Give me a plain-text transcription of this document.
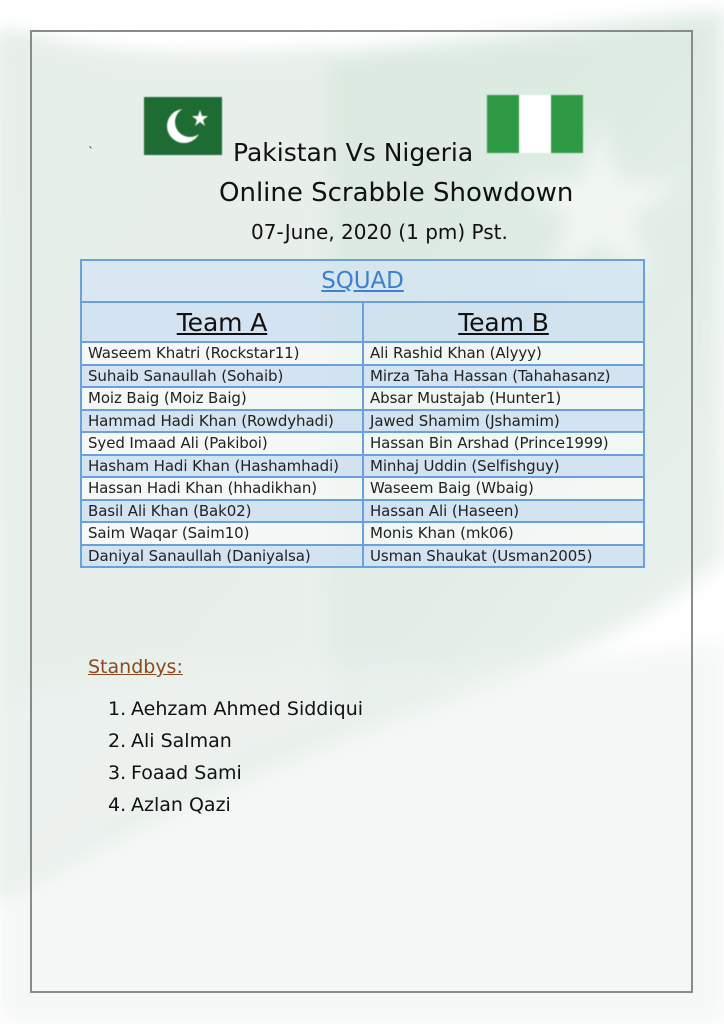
`	Pakistan Vs Nigeria
Online Scrabble Showdown
07-June, 2020 (1 pm) Pst.
SQUAD	
Team A	Team B
Waseem Khatri (Rockstar11)	Ali Rashid Khan (Alyyy)
Suhaib Sanaullah (Sohaib)	Mirza Taha Hassan (Tahahasanz)
Moiz Baig (Moiz Baig)	Absar Mustajab (Hunter1)
Hammad Hadi Khan (Rowdyhadi)	Jawed Shamim (Jshamim)
Syed Imaad Ali (Pakiboi)	Hassan Bin Arshad (Prince1999)
Hasham Hadi Khan (Hashamhadi)	Minhaj Uddin (Selfishguy)
Hassan Hadi Khan (hhadikhan)	Waseem Baig (Wbaig)
Basil Ali Khan (Bak02)	Hassan Ali (Haseen)
Saim Waqar (Saim10)	Monis Khan (mk06)
Daniyal Sanaullah (Daniyalsa)	Usman Shaukat (Usman2005)
Standbys:
1. Aehzam Ahmed Siddiqui
2. Ali Salman
3. Foaad Sami
4. Azlan Qazi
